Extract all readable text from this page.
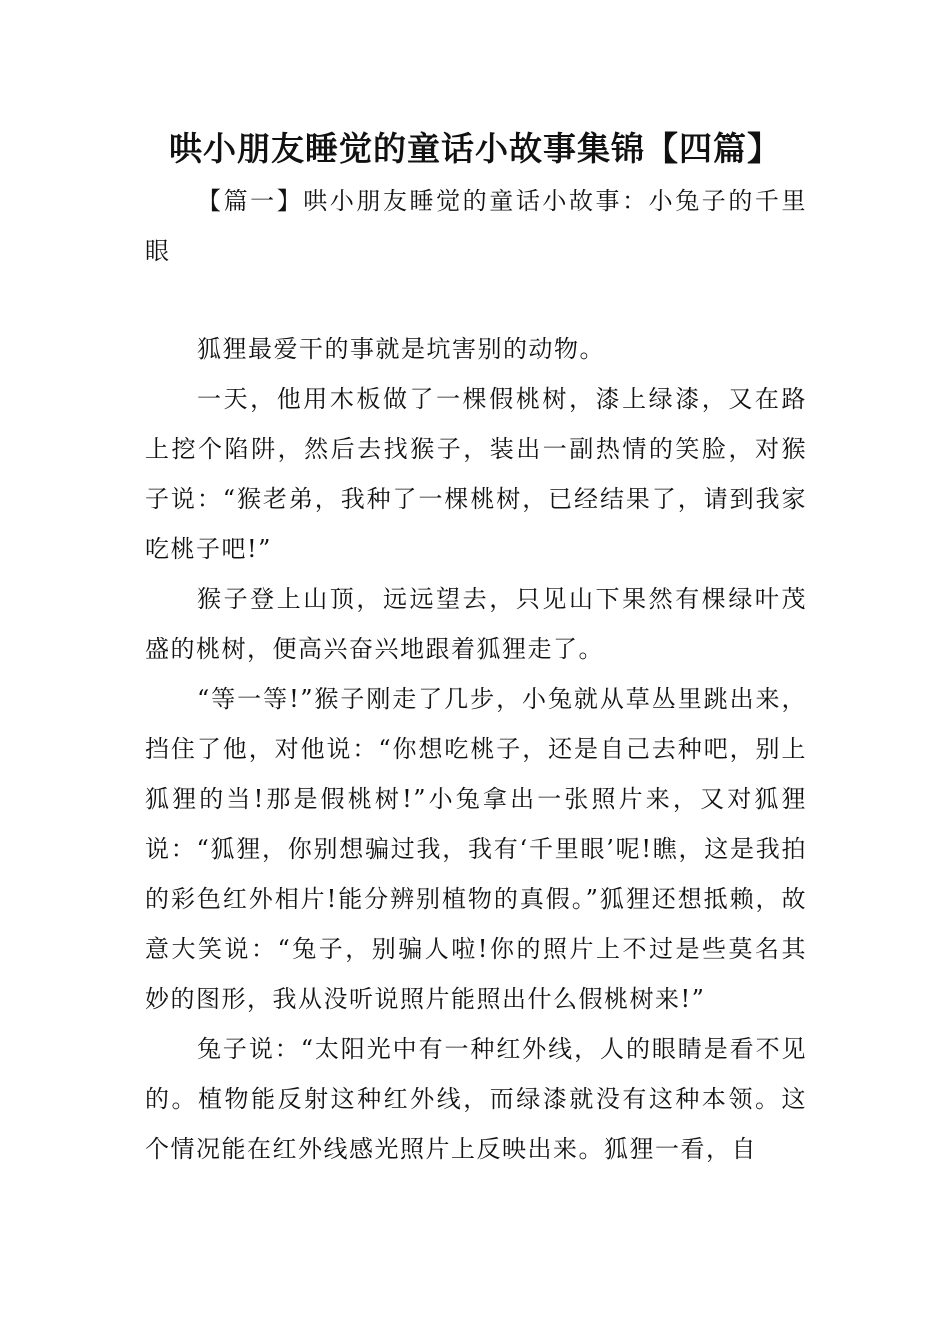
哄小朋友睡觉的童话小故事集锦【四篇】

【篇一】哄小朋友睡觉的童话小故事：小兔子的千里眼

狐狸最爱干的事就是坑害别的动物。

一天，他用木板做了一棵假桃树，漆上绿漆，又在路上挖个陷阱，然后去找猴子，装出一副热情的笑脸，对猴子说：“猴老弟，我种了一棵桃树，已经结果了，请到我家吃桃子吧!”

猴子登上山顶，远远望去，只见山下果然有棵绿叶茂盛的桃树，便高兴奋兴地跟着狐狸走了。

“等一等!”猴子刚走了几步，小兔就从草丛里跳出来，挡住了他，对他说：“你想吃桃子，还是自己去种吧，别上狐狸的当!那是假桃树!”小兔拿出一张照片来，又对狐狸说：“狐狸，你别想骗过我，我有‘千里眼’呢!瞧，这是我拍的彩色红外相片!能分辨别植物的真假。”狐狸还想抵赖，故意大笑说：“兔子，别骗人啦!你的照片上不过是些莫名其妙的图形，我从没听说照片能照出什么假桃树来!”

兔子说：“太阳光中有一种红外线，人的眼睛是看不见的。植物能反射这种红外线，而绿漆就没有这种本领。这个情况能在红外线感光照片上反映出来。狐狸一看，自
